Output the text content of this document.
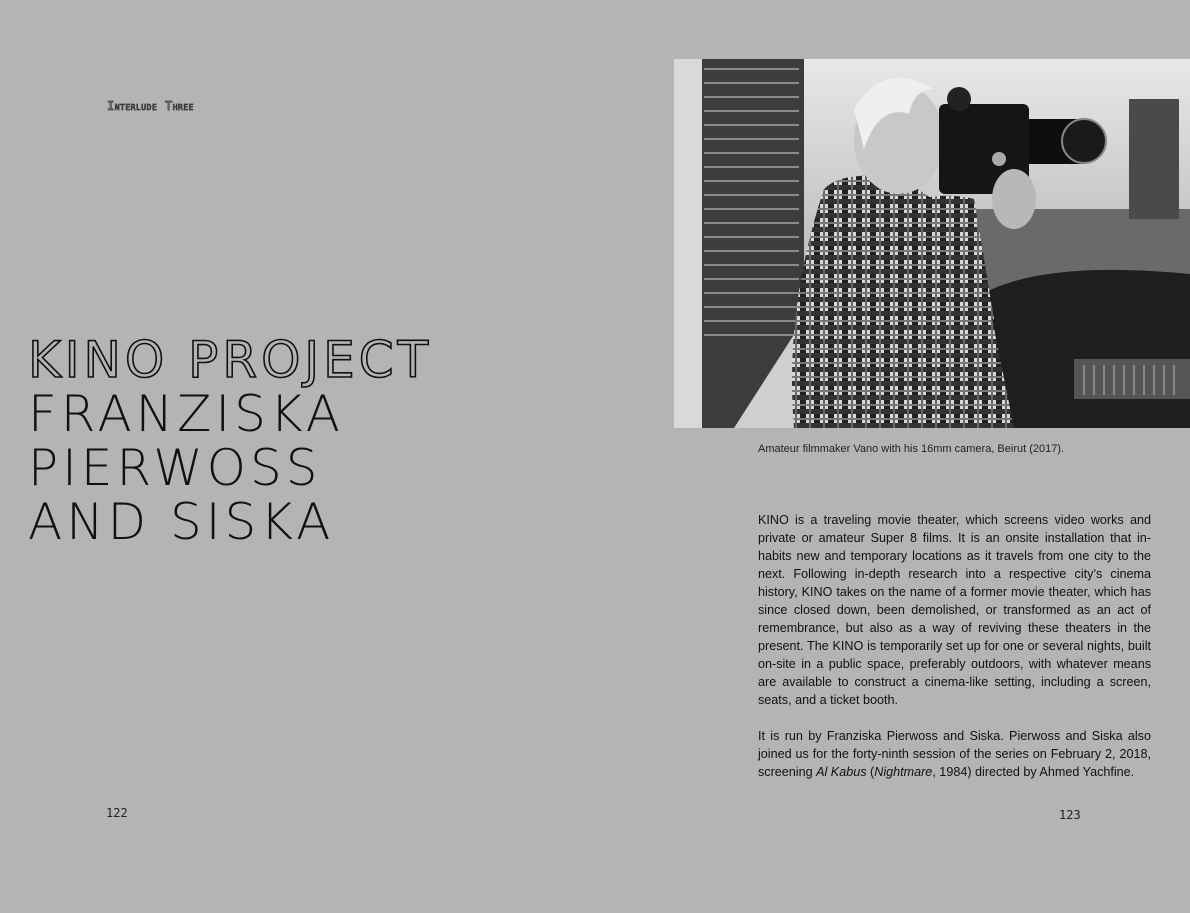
Interlude Three
KINO PROJECT
FRANZISKA
PIERWOSS
AND SISKA
122
Amateur filmmaker Vano with his 16mm camera, Beirut (2017).

KINO is a traveling movie theater, which screens video works and private or amateur Super 8 films. It is an onsite installation that in-habits new and temporary locations as it travels from one city to the next. Following in-depth research into a respective city’s cinema history, KINO takes on the name of a former movie theater, which has since closed down, been demolished, or transformed as an act of remembrance, but also as a way of reviving these theaters in the present. The KINO is temporarily set up for one or several nights, built on-site in a public space, preferably outdoors, with whatever means are available to construct a cinema-like setting, including a screen, seats, and a ticket booth.

It is run by Franziska Pierwoss and Siska. Pierwoss and Siska also joined us for the forty-ninth session of the series on February 2, 2018, screening Al Kabus (Nightmare, 1984) directed by Ahmed Yachfine.

123
